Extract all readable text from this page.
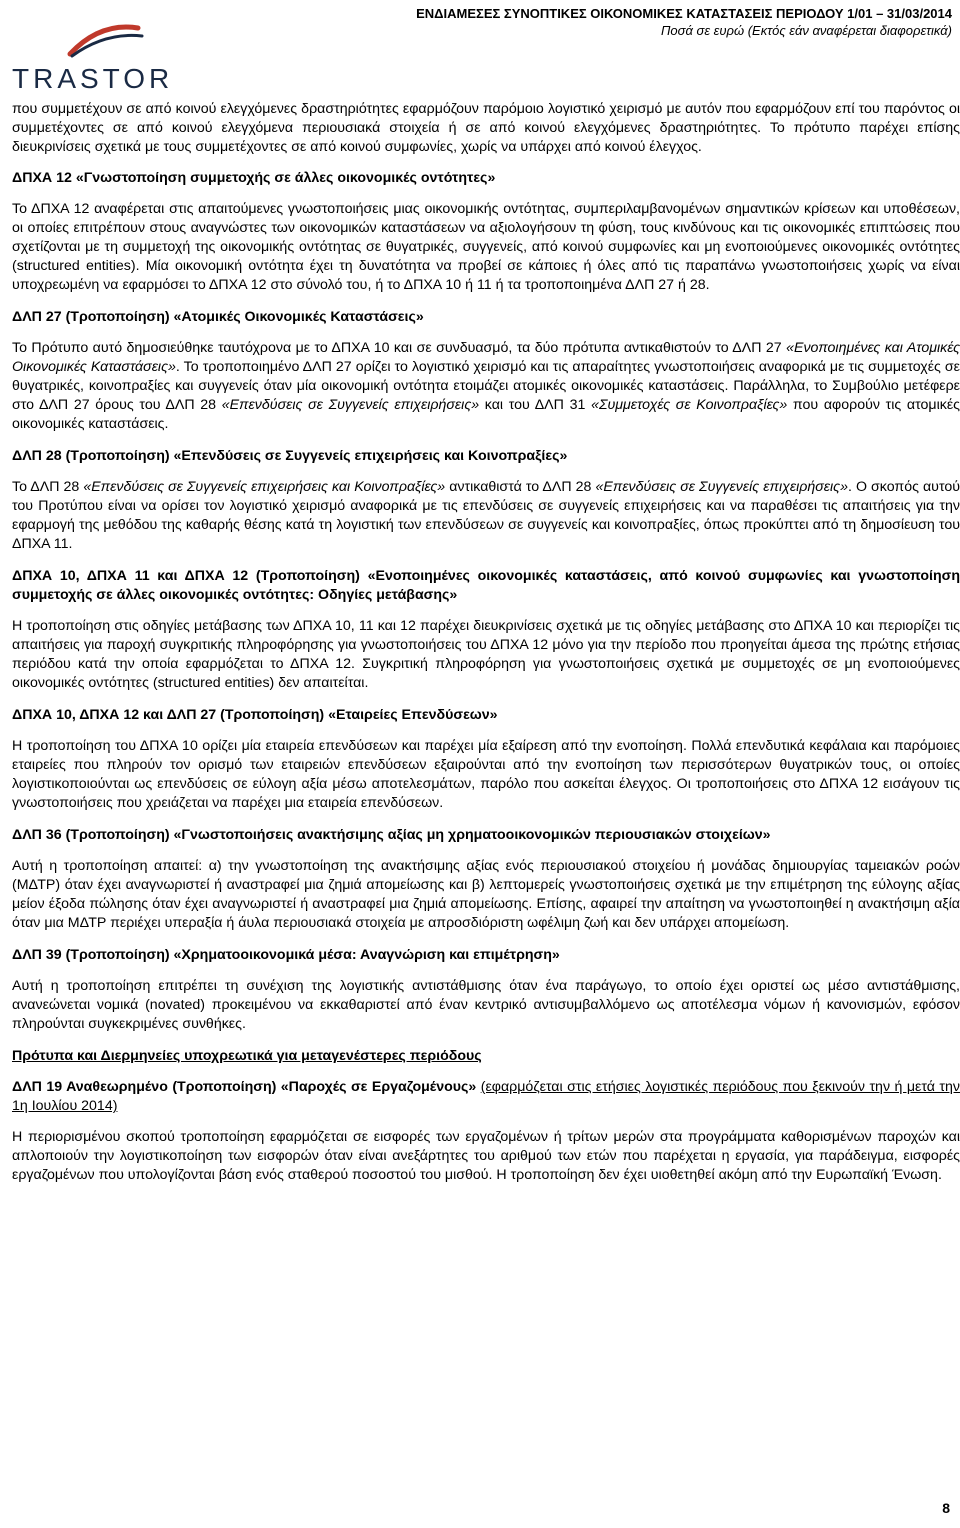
TRASTOR
ΕΝΔΙΑΜΕΣΕΣ ΣΥΝΟΠΤΙΚΕΣ ΟΙΚΟΝΟΜΙΚΕΣ ΚΑΤΑΣΤΑΣΕΙΣ ΠΕΡΙΟΔΟΥ 1/01 – 31/03/2014
Ποσά σε ευρώ (Εκτός εάν αναφέρεται διαφορετικά)

που συμμετέχουν σε από κοινού ελεγχόμενες δραστηριότητες εφαρμόζουν παρόμοιο λογιστικό χειρισμό με αυτόν που εφαρμόζουν επί του παρόντος οι συμμετέχοντες σε από κοινού ελεγχόμενα περιουσιακά στοιχεία ή σε από κοινού ελεγχόμενες δραστηριότητες. Το πρότυπο παρέχει επίσης διευκρινίσεις σχετικά με τους συμμετέχοντες σε από κοινού συμφωνίες, χωρίς να υπάρχει από κοινού έλεγχος.

ΔΠΧΑ 12 «Γνωστοποίηση συμμετοχής σε άλλες οικονομικές οντότητες»

Το ΔΠΧΑ 12 αναφέρεται στις απαιτούμενες γνωστοποιήσεις μιας οικονομικής οντότητας, συμπεριλαμβανομένων σημαντικών κρίσεων και υποθέσεων, οι οποίες επιτρέπουν στους αναγνώστες των οικονομικών καταστάσεων να αξιολογήσουν τη φύση, τους κινδύνους και τις οικονομικές επιπτώσεις που σχετίζονται με τη συμμετοχή της οικονομικής οντότητας σε θυγατρικές, συγγενείς, από κοινού συμφωνίες και μη ενοποιούμενες οικονομικές οντότητες (structured entities). Μία οικονομική οντότητα έχει τη δυνατότητα να προβεί σε κάποιες ή όλες από τις παραπάνω γνωστοποιήσεις χωρίς να είναι υποχρεωμένη να εφαρμόσει το ΔΠΧΑ 12 στο σύνολό του, ή το ΔΠΧΑ 10 ή 11 ή τα τροποποιημένα ΔΛΠ 27 ή 28.

ΔΛΠ 27 (Τροποποίηση) «Ατομικές Οικονομικές Καταστάσεις»

Το Πρότυπο αυτό δημοσιεύθηκε ταυτόχρονα με το ΔΠΧΑ 10 και σε συνδυασμό, τα δύο πρότυπα αντικαθιστούν το ΔΛΠ 27 «Ενοποιημένες και Ατομικές Οικονομικές Καταστάσεις». Το τροποποιημένο ΔΛΠ 27 ορίζει το λογιστικό χειρισμό και τις απαραίτητες γνωστοποιήσεις αναφορικά με τις συμμετοχές σε θυγατρικές, κοινοπραξίες και συγγενείς όταν μία οικονομική οντότητα ετοιμάζει ατομικές οικονομικές καταστάσεις. Παράλληλα, το Συμβούλιο μετέφερε στο ΔΛΠ 27 όρους του ΔΛΠ 28 «Επενδύσεις σε Συγγενείς επιχειρήσεις» και του ΔΛΠ 31 «Συμμετοχές σε Κοινοπραξίες» που αφορούν τις ατομικές οικονομικές καταστάσεις.

ΔΛΠ 28 (Τροποποίηση) «Επενδύσεις σε Συγγενείς επιχειρήσεις και Κοινοπραξίες»

Το ΔΛΠ 28 «Επενδύσεις σε Συγγενείς επιχειρήσεις και Κοινοπραξίες» αντικαθιστά το ΔΛΠ 28 «Επενδύσεις σε Συγγενείς επιχειρήσεις». Ο σκοπός αυτού του Προτύπου είναι να ορίσει τον λογιστικό χειρισμό αναφορικά με τις επενδύσεις σε συγγενείς επιχειρήσεις και να παραθέσει τις απαιτήσεις για την εφαρμογή της μεθόδου της καθαρής θέσης κατά τη λογιστική των επενδύσεων σε συγγενείς και κοινοπραξίες, όπως προκύπτει από τη δημοσίευση του ΔΠΧΑ 11.

ΔΠΧΑ 10, ΔΠΧΑ 11 και ΔΠΧΑ 12 (Τροποποίηση) «Ενοποιημένες οικονομικές καταστάσεις, από κοινού συμφωνίες και γνωστοποίηση συμμετοχής σε άλλες οικονομικές οντότητες: Οδηγίες μετάβασης»

Η τροποποίηση στις οδηγίες μετάβασης των ΔΠΧΑ 10, 11 και 12 παρέχει διευκρινίσεις σχετικά με τις οδηγίες μετάβασης στο ΔΠΧΑ 10 και περιορίζει τις απαιτήσεις για παροχή συγκριτικής πληροφόρησης για γνωστοποιήσεις του ΔΠΧΑ 12 μόνο για την περίοδο που προηγείται άμεσα της πρώτης ετήσιας περιόδου κατά την οποία εφαρμόζεται το ΔΠΧΑ 12. Συγκριτική πληροφόρηση για γνωστοποιήσεις σχετικά με συμμετοχές σε μη ενοποιούμενες οικονομικές οντότητες (structured entities) δεν απαιτείται.

ΔΠΧΑ 10, ΔΠΧΑ 12 και ΔΛΠ 27 (Τροποποίηση) «Εταιρείες Επενδύσεων»

Η τροποποίηση του ΔΠΧΑ 10 ορίζει μία εταιρεία επενδύσεων και παρέχει μία εξαίρεση από την ενοποίηση. Πολλά επενδυτικά κεφάλαια και παρόμοιες εταιρείες που πληρούν τον ορισμό των εταιρειών επενδύσεων εξαιρούνται από την ενοποίηση των περισσότερων θυγατρικών τους, οι οποίες λογιστικοποιούνται ως επενδύσεις σε εύλογη αξία μέσω αποτελεσμάτων, παρόλο που ασκείται έλεγχος. Οι τροποποιήσεις στο ΔΠΧΑ 12 εισάγουν τις γνωστοποιήσεις που χρειάζεται να παρέχει μια εταιρεία επενδύσεων.

ΔΛΠ 36 (Τροποποίηση) «Γνωστοποιήσεις ανακτήσιμης αξίας μη χρηματοοικονομικών περιουσιακών στοιχείων»

Αυτή η τροποποίηση απαιτεί: α) την γνωστοποίηση της ανακτήσιμης αξίας ενός περιουσιακού στοιχείου ή μονάδας δημιουργίας ταμειακών ροών (ΜΔΤΡ) όταν έχει αναγνωριστεί ή αναστραφεί μια ζημιά απομείωσης και β) λεπτομερείς γνωστοποιήσεις σχετικά με την επιμέτρηση της εύλογης αξίας μείον έξοδα πώλησης όταν έχει αναγνωριστεί ή αναστραφεί μια ζημιά απομείωσης. Επίσης, αφαιρεί την απαίτηση να γνωστοποιηθεί η ανακτήσιμη αξία όταν μια ΜΔΤΡ περιέχει υπεραξία ή άυλα περιουσιακά στοιχεία με απροσδιόριστη ωφέλιμη ζωή και δεν υπάρχει απομείωση.

ΔΛΠ 39 (Τροποποίηση) «Χρηματοοικονομικά μέσα: Αναγνώριση και επιμέτρηση»

Αυτή η τροποποίηση επιτρέπει τη συνέχιση της λογιστικής αντιστάθμισης όταν ένα παράγωγο, το οποίο έχει οριστεί ως μέσο αντιστάθμισης, ανανεώνεται νομικά (novated) προκειμένου να εκκαθαριστεί από έναν κεντρικό αντισυμβαλλόμενο ως αποτέλεσμα νόμων ή κανονισμών, εφόσον πληρούνται συγκεκριμένες συνθήκες.

Πρότυπα και Διερμηνείες υποχρεωτικά για μεταγενέστερες περιόδους

ΔΛΠ 19 Αναθεωρημένο (Τροποποίηση) «Παροχές σε Εργαζομένους» (εφαρμόζεται στις ετήσιες λογιστικές περιόδους που ξεκινούν την ή μετά την 1η Ιουλίου 2014)

Η περιορισμένου σκοπού τροποποίηση εφαρμόζεται σε εισφορές των εργαζομένων ή τρίτων μερών στα προγράμματα καθορισμένων παροχών και απλοποιούν την λογιστικοποίηση των εισφορών όταν είναι ανεξάρτητες του αριθμού των ετών που παρέχεται η εργασία, για παράδειγμα, εισφορές εργαζομένων που υπολογίζονται βάση ενός σταθερού ποσοστού του μισθού. Η τροποποίηση δεν έχει υιοθετηθεί ακόμη από την Ευρωπαϊκή Ένωση.

8
